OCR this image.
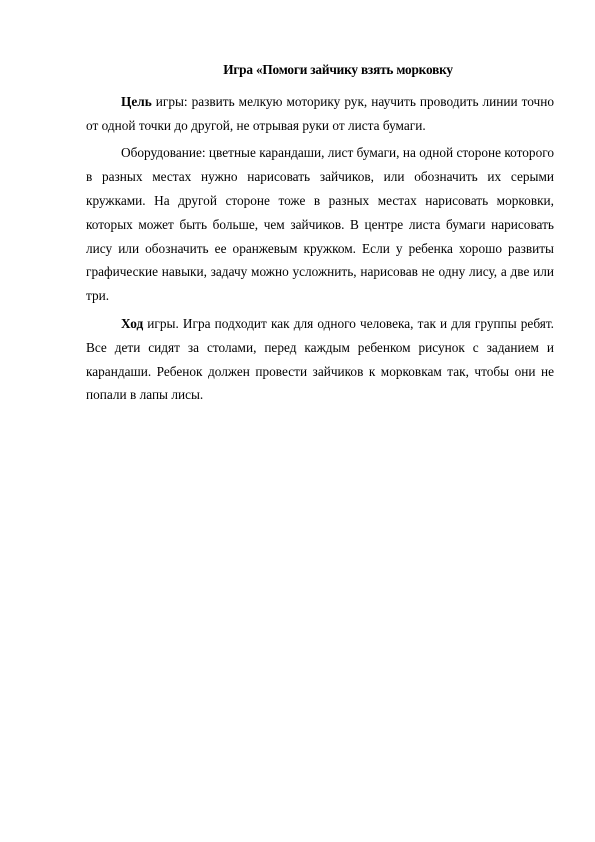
Игра «Помоги зайчику взять морковку

Цель игры: развить мелкую моторику рук, научить проводить линии точно от одной точки до другой, не отрывая руки от листа бумаги.

Оборудование: цветные карандаши, лист бумаги, на одной стороне которого в разных местах нужно нарисовать зайчиков, или обозначить их серыми кружками. На другой стороне тоже в разных местах нарисовать морковки, которых может быть больше, чем зайчиков. В центре листа бумаги нарисовать лису или обозначить ее оранжевым кружком. Если у ребенка хорошо развиты графические навыки, задачу можно усложнить, нарисовав не одну лису, а две или три.

Ход игры. Игра подходит как для одного человека, так и для группы ребят. Все дети сидят за столами, перед каждым ребенком рисунок с заданием и карандаши. Ребенок должен провести зайчиков к морковкам так, чтобы они не попали в лапы лисы.
